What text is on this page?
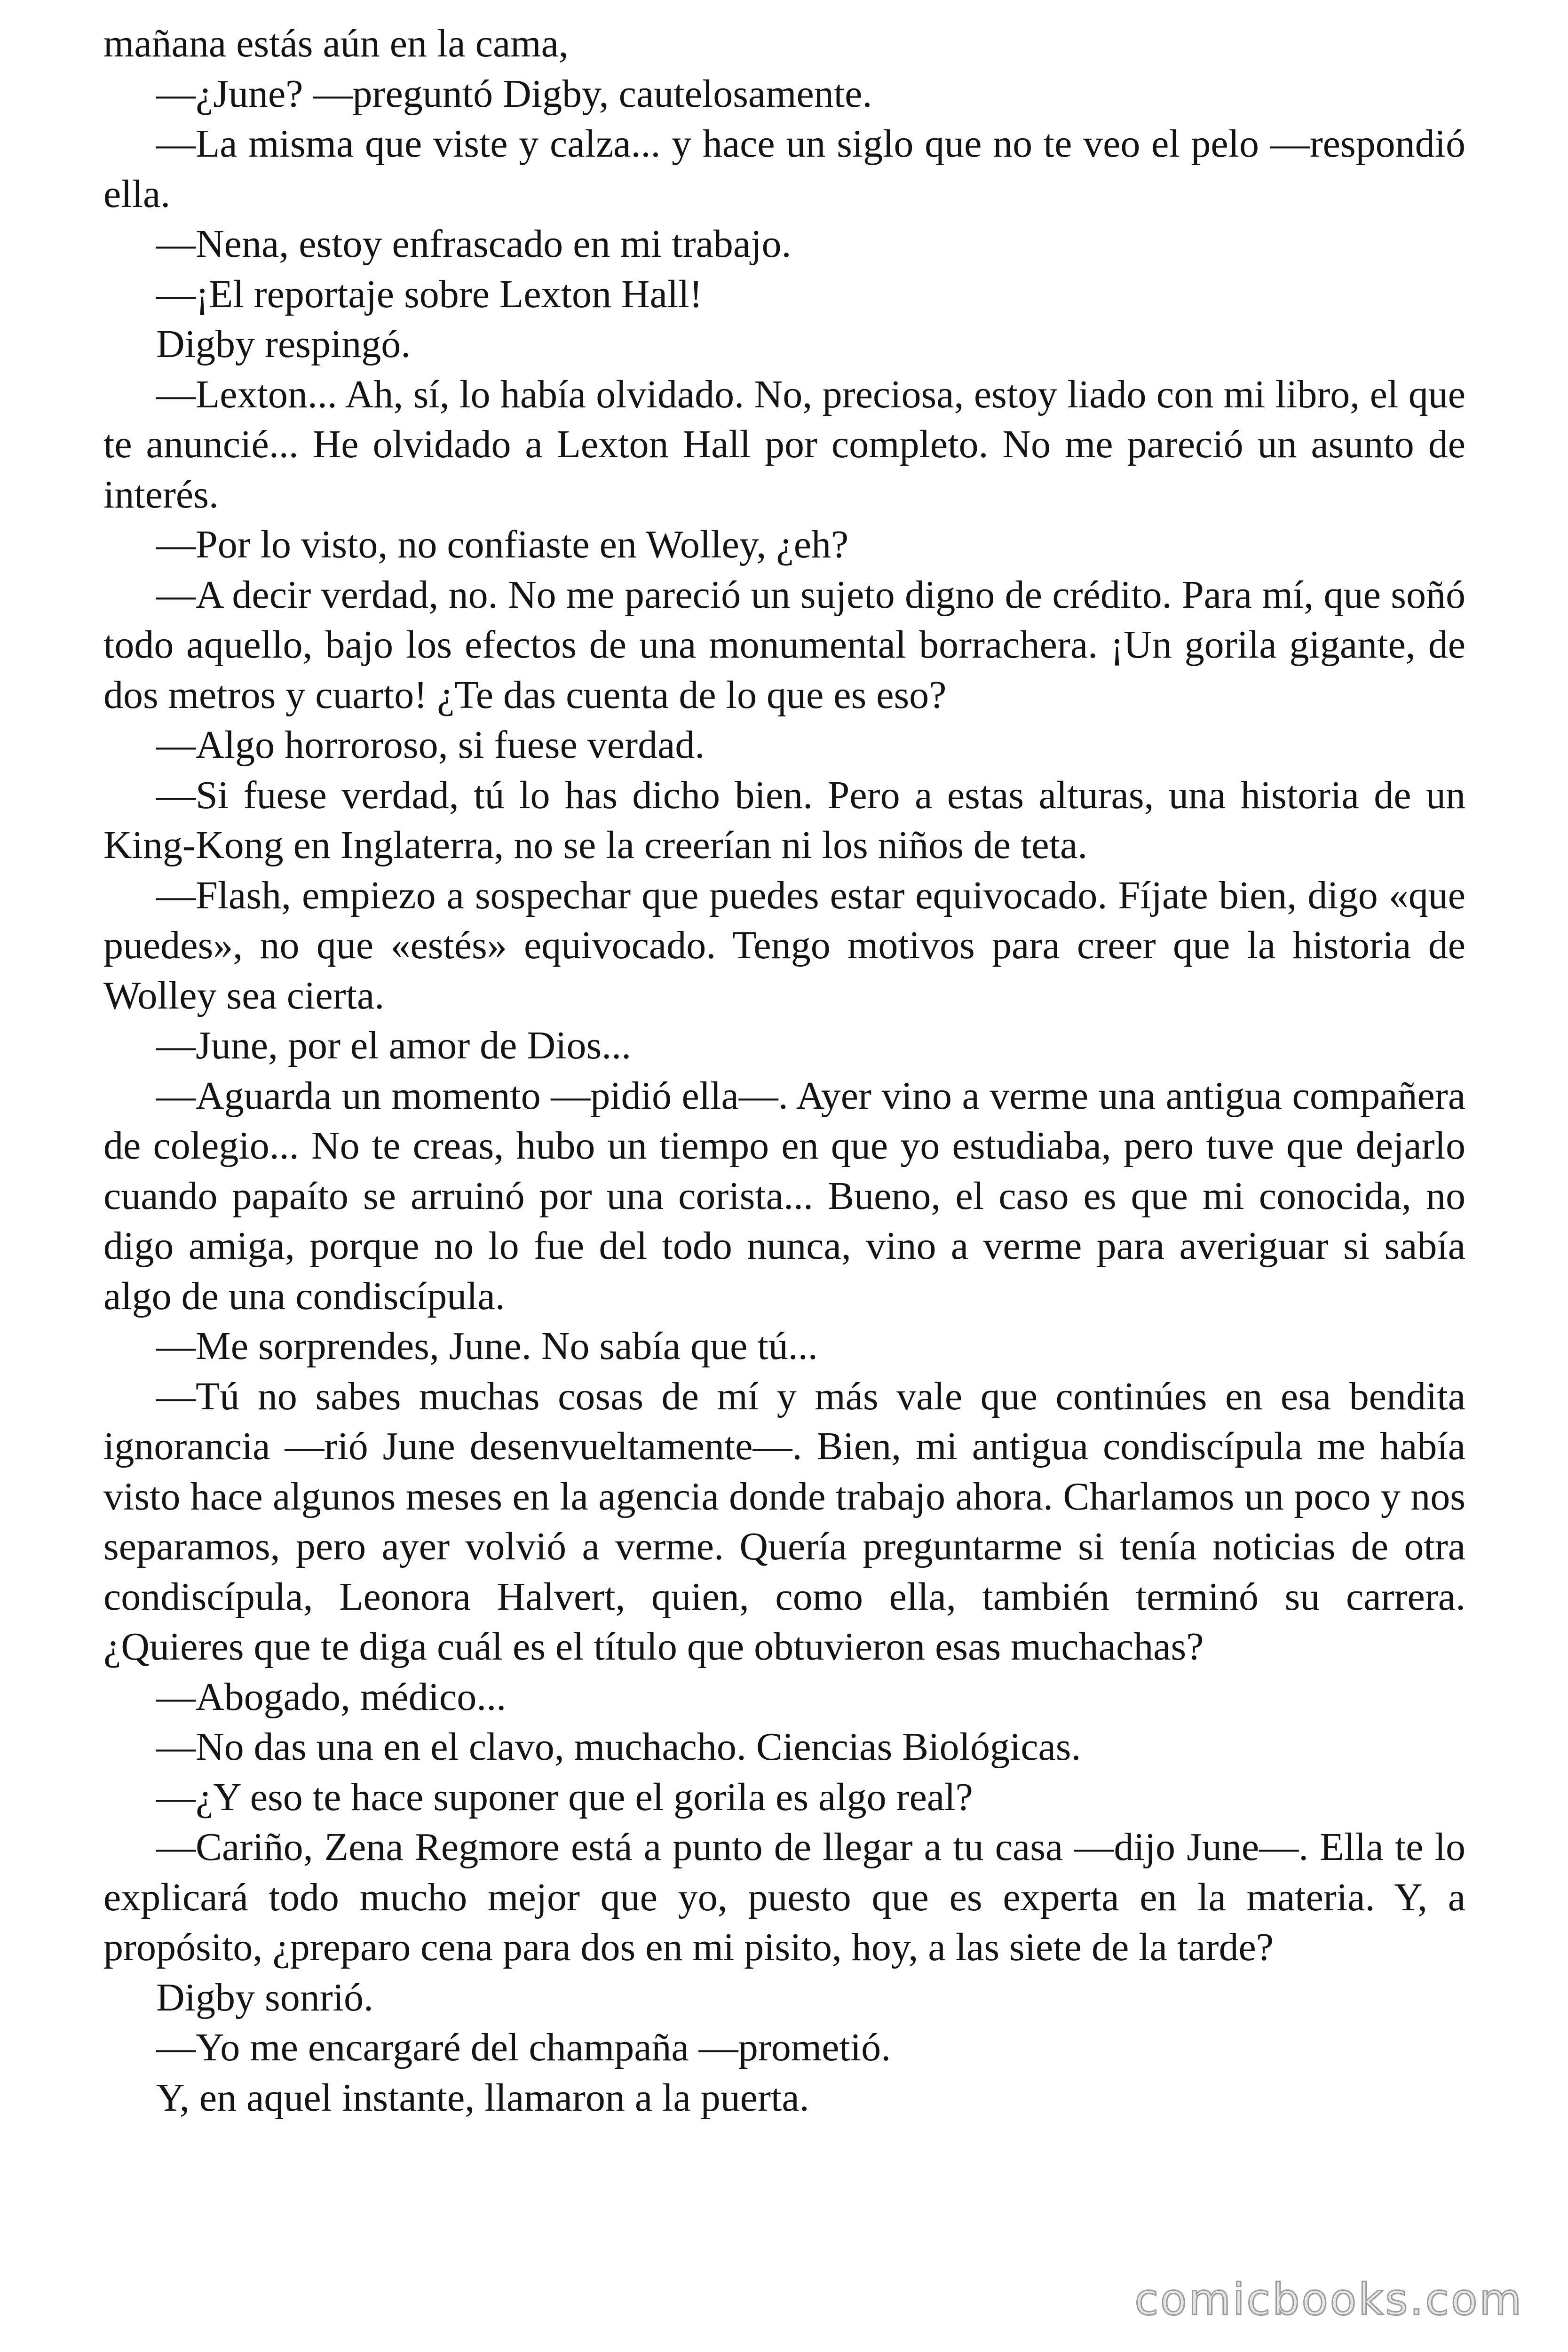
mañana estás aún en la cama,

—¿June? —preguntó Digby, cautelosamente.

—La misma que viste y calza... y hace un siglo que no te veo el pelo —respondió ella.

—Nena, estoy enfrascado en mi trabajo.

—¡El reportaje sobre Lexton Hall!

Digby respingó.

—Lexton... Ah, sí, lo había olvidado. No, preciosa, estoy liado con mi libro, el que te anuncié... He olvidado a Lexton Hall por completo. No me pareció un asunto de interés.

—Por lo visto, no confiaste en Wolley, ¿eh?

—A decir verdad, no. No me pareció un sujeto digno de crédito. Para mí, que soñó todo aquello, bajo los efectos de una monumental borrachera. ¡Un gorila gigante, de dos metros y cuarto! ¿Te das cuenta de lo que es eso?

—Algo horroroso, si fuese verdad.

—Si fuese verdad, tú lo has dicho bien. Pero a estas alturas, una historia de un King-Kong en Inglaterra, no se la creerían ni los niños de teta.

—Flash, empiezo a sospechar que puedes estar equivocado. Fíjate bien, digo «que puedes», no que «estés» equivocado. Tengo motivos para creer que la historia de Wolley sea cierta.

—June, por el amor de Dios...

—Aguarda un momento —pidió ella—. Ayer vino a verme una antigua compañera de colegio... No te creas, hubo un tiempo en que yo estudiaba, pero tuve que dejarlo cuando papaíto se arruinó por una corista... Bueno, el caso es que mi conocida, no digo amiga, porque no lo fue del todo nunca, vino a verme para averiguar si sabía algo de una condiscípula.

—Me sorprendes, June. No sabía que tú...

—Tú no sabes muchas cosas de mí y más vale que continúes en esa bendita ignorancia —rió June desenvueltamente—. Bien, mi antigua condiscípula me había visto hace algunos meses en la agencia donde trabajo ahora. Charlamos un poco y nos separamos, pero ayer volvió a verme. Quería preguntarme si tenía noticias de otra condiscípula, Leonora Halvert, quien, como ella, también terminó su carrera. ¿Quieres que te diga cuál es el título que obtuvieron esas muchachas?

—Abogado, médico...

—No das una en el clavo, muchacho. Ciencias Biológicas.

—¿Y eso te hace suponer que el gorila es algo real?

—Cariño, Zena Regmore está a punto de llegar a tu casa —dijo June—. Ella te lo explicará todo mucho mejor que yo, puesto que es experta en la materia. Y, a propósito, ¿preparo cena para dos en mi pisito, hoy, a las siete de la tarde?

Digby sonrió.

—Yo me encargaré del champaña —prometió.

Y, en aquel instante, llamaron a la puerta.

comicbooks.com
